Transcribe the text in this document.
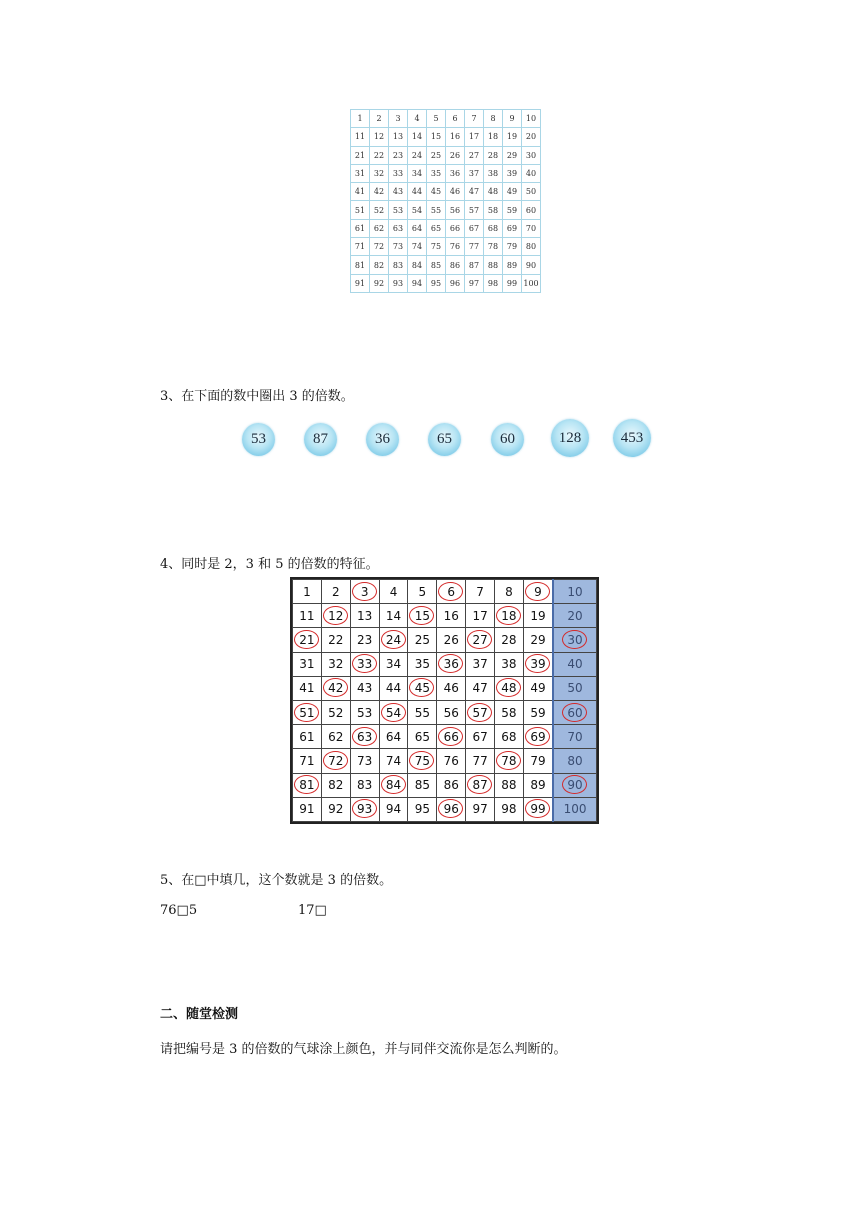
1	2	3	4	5	6	7	8	9	10
11	12	13	14	15	16	17	18	19	20
21	22	23	24	25	26	27	28	29	30
31	32	33	34	35	36	37	38	39	40
41	42	43	44	45	46	47	48	49	50
51	52	53	54	55	56	57	58	59	60
61	62	63	64	65	66	67	68	69	70
71	72	73	74	75	76	77	78	79	80
81	82	83	84	85	86	87	88	89	90
91	92	93	94	95	96	97	98	99	100
3、在下面的数中圈出 3 的倍数。
53	87	36	65	60	128	453
4、同时是 2，3 和 5 的倍数的特征。
1	2	3	4	5	6	7	8	9	10
11	12	13	14	15	16	17	18	19	20
21	22	23	24	25	26	27	28	29	30

31	32	33	34	35	36	37	38	39	40
41	42	43	44	45	46	47	48	49	50
51	52	53	54	55	56	57	58	59	60

61	62	63	64	65	66	67	68	69	70
71	72	73	74	75	76	77	78	79	80
81	82	83	84	85	86	87	88	89	90

91	92	93	94	95	96	97	98	99	100
5、在□中填几，这个数就是 3 的倍数。
76□5	17□
二、随堂检测
请把编号是 3 的倍数的气球涂上颜色，并与同伴交流你是怎么判断的。
